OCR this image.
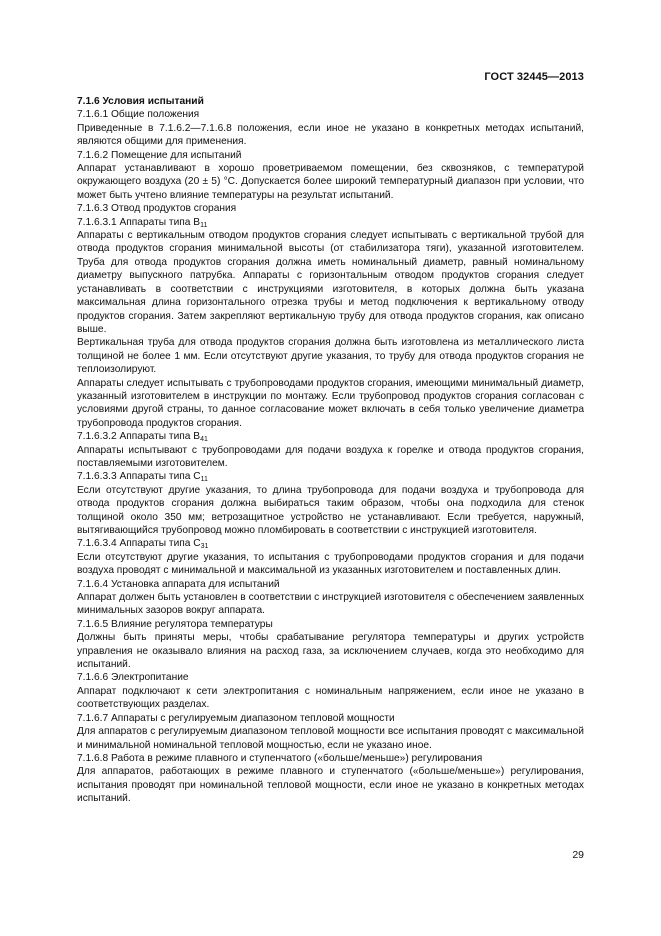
ГОСТ 32445—2013
7.1.6 Условия испытаний
7.1.6.1 Общие положения
Приведенные в 7.1.6.2—7.1.6.8 положения, если иное не указано в конкретных методах испытаний, являются общими для применения.
7.1.6.2 Помещение для испытаний
Аппарат устанавливают в хорошо проветриваемом помещении, без сквозняков, с температурой окружающего воздуха (20 ± 5) °С. Допускается более широкий температурный диапазон при условии, что может быть учтено влияние температуры на результат испытаний.
7.1.6.3 Отвод продуктов сгорания
7.1.6.3.1 Аппараты типа $В_{11}$
Аппараты с вертикальным отводом продуктов сгорания следует испытывать с вертикальной трубой для отвода продуктов сгорания минимальной высоты (от стабилизатора тяги), указанной изготовителем. Труба для отвода продуктов сгорания должна иметь номинальный диаметр, равный номинальному диаметру выпускного патрубка. Аппараты с горизонтальным отводом продуктов сгорания следует устанавливать в соответствии с инструкциями изготовителя, в которых должна быть указана максимальная длина горизонтального отрезка трубы и метод подключения к вертикальному отводу продуктов сгорания. Затем закрепляют вертикальную трубу для отвода продуктов сгорания, как описано выше.
Вертикальная труба для отвода продуктов сгорания должна быть изготовлена из металлического листа толщиной не более 1 мм. Если отсутствуют другие указания, то трубу для отвода продуктов сгорания не теплоизолируют.
Аппараты следует испытывать с трубопроводами продуктов сгорания, имеющими минимальный диаметр, указанный изготовителем в инструкции по монтажу. Если трубопровод продуктов сгорания согласован с условиями другой страны, то данное согласование может включать в себя только увеличение диаметра трубопровода продуктов сгорания.
7.1.6.3.2 Аппараты типа $В_{41}$
Аппараты испытывают с трубопроводами для подачи воздуха к горелке и отвода продуктов сгорания, поставляемыми изготовителем.
7.1.6.3.3 Аппараты типа $С_{11}$
Если отсутствуют другие указания, то длина трубопровода для подачи воздуха и трубопровода для отвода продуктов сгорания должна выбираться таким образом, чтобы она подходила для стенок толщиной около 350 мм; ветрозащитное устройство не устанавливают. Если требуется, наружный, вытягивающийся трубопровод можно пломбировать в соответствии с инструкцией изготовителя.
7.1.6.3.4 Аппараты типа $С_{31}$
Если отсутствуют другие указания, то испытания с трубопроводами продуктов сгорания и для подачи воздуха проводят с минимальной и максимальной из указанных изготовителем и поставленных длин.
7.1.6.4 Установка аппарата для испытаний
Аппарат должен быть установлен в соответствии с инструкцией изготовителя с обеспечением заявленных минимальных зазоров вокруг аппарата.
7.1.6.5 Влияние регулятора температуры
Должны быть приняты меры, чтобы срабатывание регулятора температуры и других устройств управления не оказывало влияния на расход газа, за исключением случаев, когда это необходимо для испытаний.
7.1.6.6 Электропитание
Аппарат подключают к сети электропитания с номинальным напряжением, если иное не указано в соответствующих разделах.
7.1.6.7 Аппараты с регулируемым диапазоном тепловой мощности
Для аппаратов с регулируемым диапазоном тепловой мощности все испытания проводят с максимальной и минимальной номинальной тепловой мощностью, если не указано иное.
7.1.6.8 Работа в режиме плавного и ступенчатого («больше/меньше») регулирования
Для аппаратов, работающих в режиме плавного и ступенчатого («больше/меньше») регулирования, испытания проводят при номинальной тепловой мощности, если иное не указано в конкретных методах испытаний.
29
